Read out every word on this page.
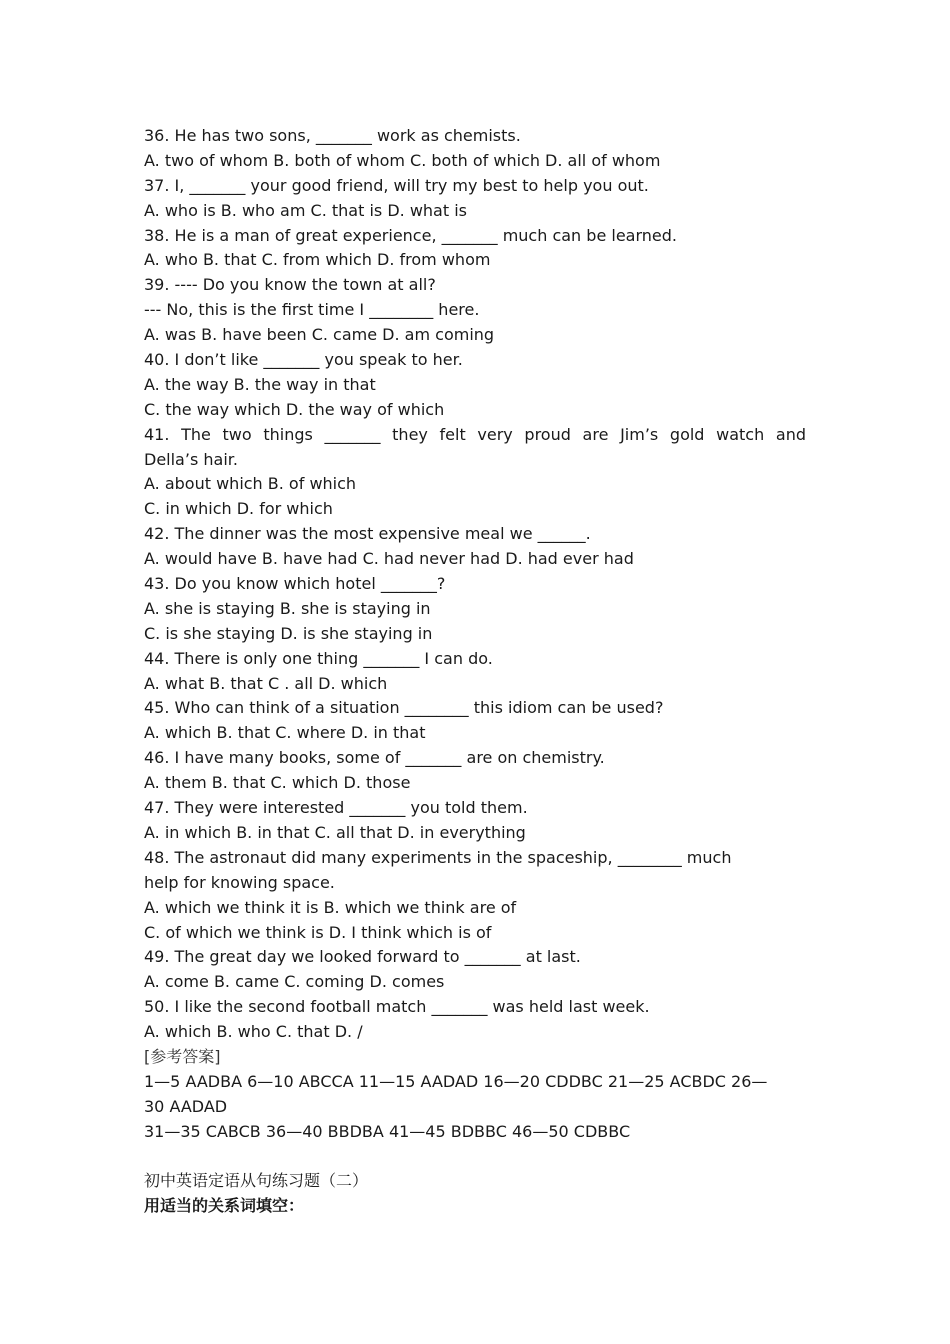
36. He has two sons, _______ work as chemists.
A. two of whom B. both of whom C. both of which D. all of whom
37. I, _______ your good friend, will try my best to help you out.
A. who is B. who am C. that is D. what is
38. He is a man of great experience, _______ much can be learned.
A. who B. that C. from which D. from whom
39. ---- Do you know the town at all?
--- No, this is the first time I ________ here.
A. was B. have been C. came D. am coming
40. I don’t like _______ you speak to her.
A. the way B. the way in that
C. the way which D. the way of which
41. The two things _______ they felt very proud are Jim’s gold watch and
Della’s hair.
A. about which B. of which
C. in which D. for which
42. The dinner was the most expensive meal we ______.
A. would have B. have had C. had never had D. had ever had
43. Do you know which hotel _______?
A. she is staying B. she is staying in
C. is she staying D. is she staying in
44. There is only one thing _______ I can do.
A. what B. that C . all D. which
45. Who can think of a situation ________ this idiom can be used?
A. which B. that C. where D. in that
46. I have many books, some of _______ are on chemistry.
A. them B. that C. which D. those
47. They were interested _______ you told them.
A. in which B. in that C. all that D. in everything
48. The astronaut did many experiments in the spaceship, ________ much
help for knowing space.
A. which we think it is B. which we think are of
C. of which we think is D. I think which is of
49. The great day we looked forward to _______ at last.
A. come B. came C. coming D. comes
50. I like the second football match _______ was held last week.
A. which B. who C. that D. /
[参考答案]
1—5 AADBA 6—10 ABCCA 11—15 AADAD 16—20 CDDBC 21—25 ACBDC 26—
30 AADAD
31—35 CABCB 36—40 BBDBA 41—45 BDBBC 46—50 CDBBC
初中英语定语从句练习题（二）
用适当的关系词填空：
